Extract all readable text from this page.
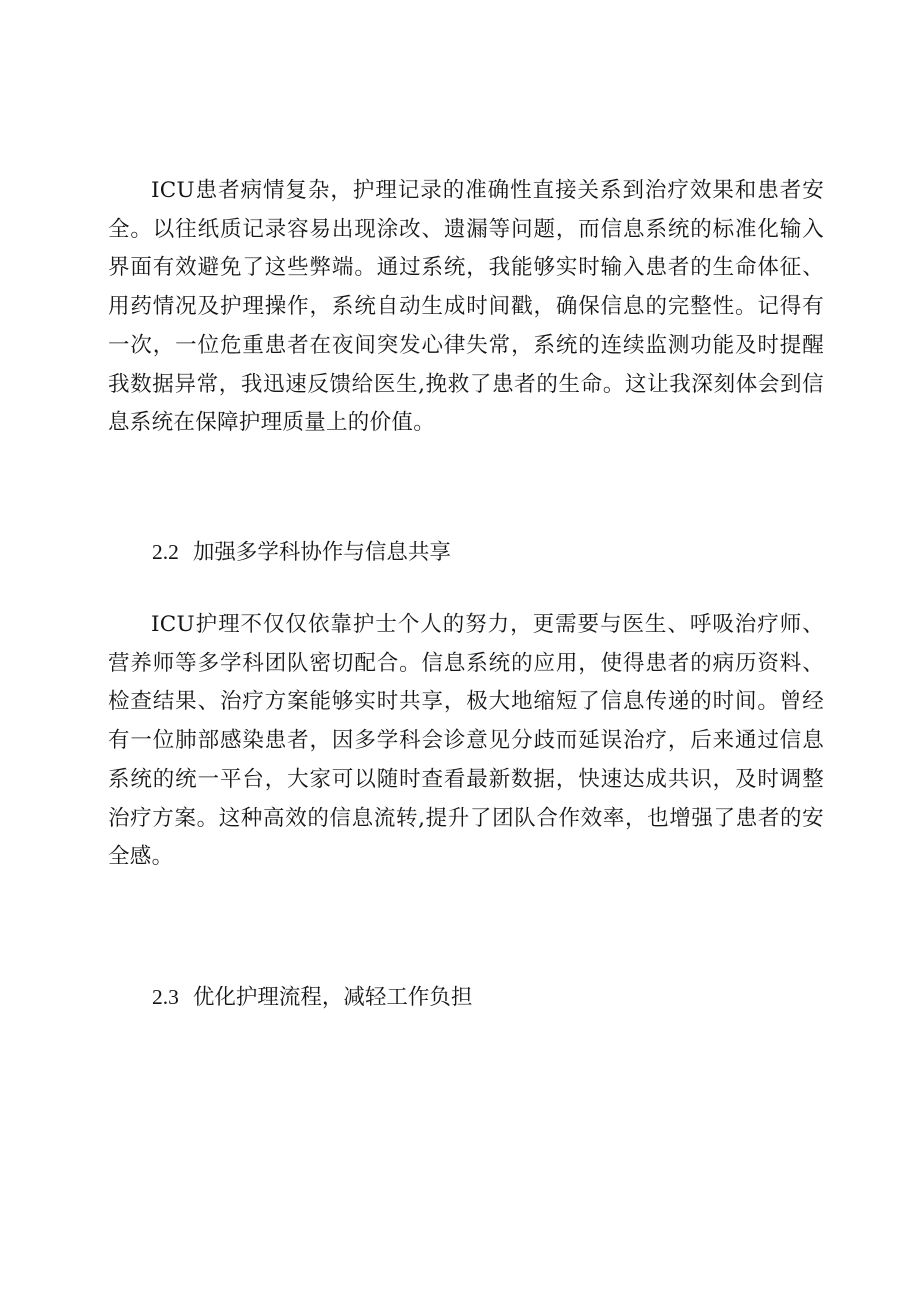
ICU患者病情复杂，护理记录的准确性直接关系到治疗效果和患者安全。以往纸质记录容易出现涂改、遗漏等问题，而信息系统的标准化输入界面有效避免了这些弊端。通过系统，我能够实时输入患者的生命体征、用药情况及护理操作，系统自动生成时间戳，确保信息的完整性。记得有一次，一位危重患者在夜间突发心律失常，系统的连续监测功能及时提醒我数据异常，我迅速反馈给医生,挽救了患者的生命。这让我深刻体会到信息系统在保障护理质量上的价值。

2.2 加强多学科协作与信息共享

ICU护理不仅仅依靠护士个人的努力，更需要与医生、呼吸治疗师、营养师等多学科团队密切配合。信息系统的应用，使得患者的病历资料、检查结果、治疗方案能够实时共享，极大地缩短了信息传递的时间。曾经有一位肺部感染患者，因多学科会诊意见分歧而延误治疗，后来通过信息系统的统一平台，大家可以随时查看最新数据，快速达成共识，及时调整治疗方案。这种高效的信息流转,提升了团队合作效率，也增强了患者的安全感。

2.3 优化护理流程，减轻工作负担
